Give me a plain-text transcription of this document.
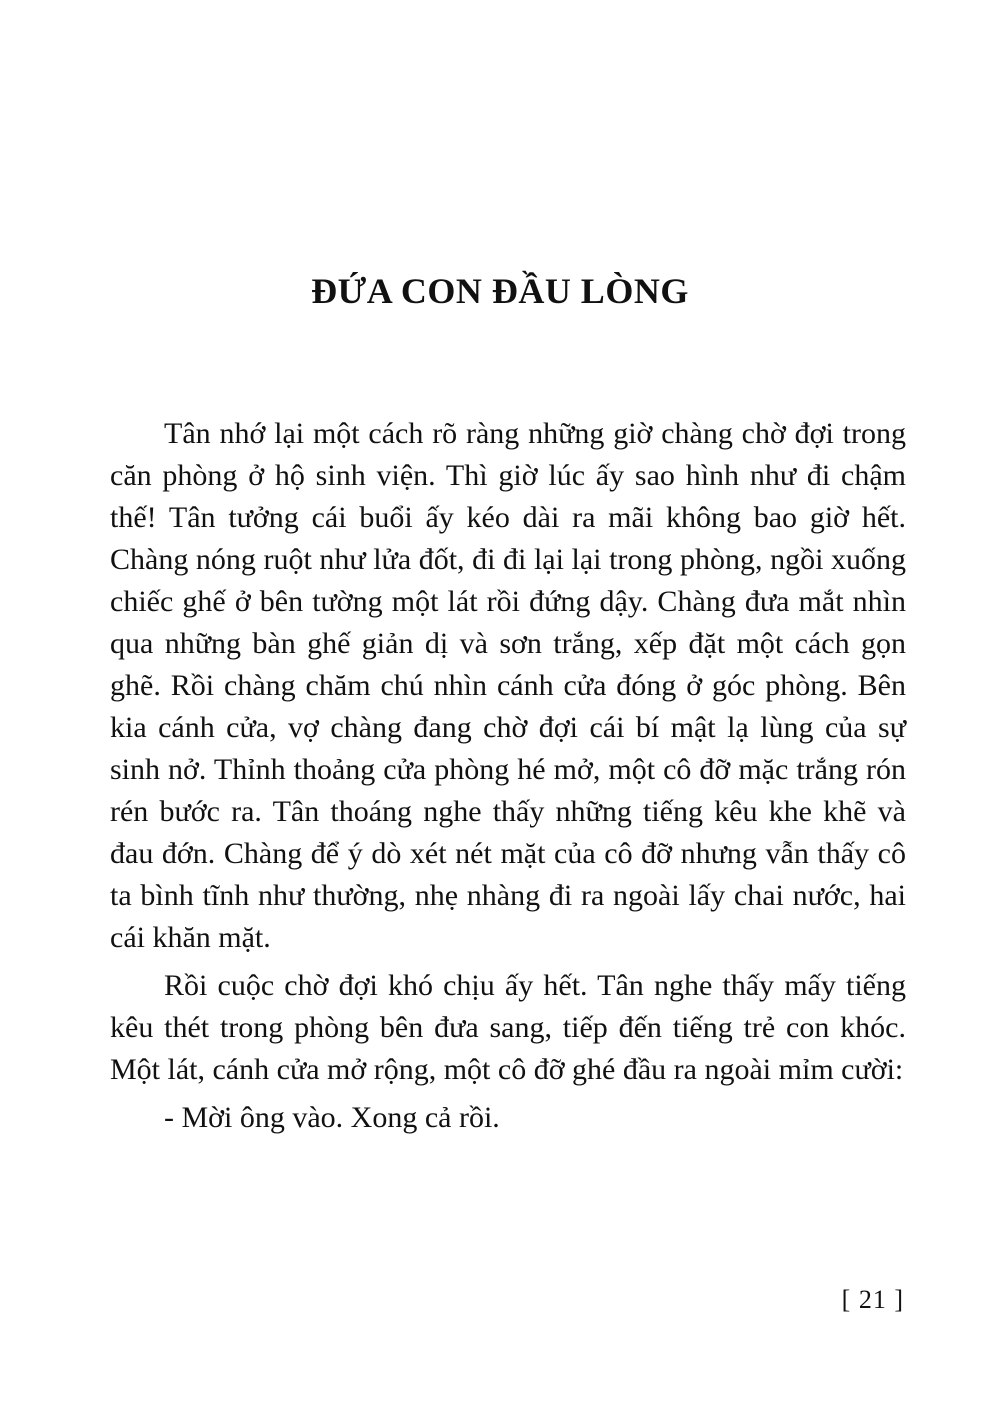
ĐỨA CON ĐẦU LÒNG

Tân nhớ lại một cách rõ ràng những giờ chàng chờ đợi trong căn phòng ở hộ sinh viện. Thì giờ lúc ấy sao hình như đi chậm thế! Tân tưởng cái buổi ấy kéo dài ra mãi không bao giờ hết. Chàng nóng ruột như lửa đốt, đi đi lại lại trong phòng, ngồi xuống chiếc ghế ở bên tường một lát rồi đứng dậy. Chàng đưa mắt nhìn qua những bàn ghế giản dị và sơn trắng, xếp đặt một cách gọn ghẽ. Rồi chàng chăm chú nhìn cánh cửa đóng ở góc phòng. Bên kia cánh cửa, vợ chàng đang chờ đợi cái bí mật lạ lùng của sự sinh nở. Thỉnh thoảng cửa phòng hé mở, một cô đỡ mặc trắng rón rén bước ra. Tân thoáng nghe thấy những tiếng kêu khe khẽ và đau đớn. Chàng để ý dò xét nét mặt của cô đỡ nhưng vẫn thấy cô ta bình tĩnh như thường, nhẹ nhàng đi ra ngoài lấy chai nước, hai cái khăn mặt.

Rồi cuộc chờ đợi khó chịu ấy hết. Tân nghe thấy mấy tiếng kêu thét trong phòng bên đưa sang, tiếp đến tiếng trẻ con khóc. Một lát, cánh cửa mở rộng, một cô đỡ ghé đầu ra ngoài mỉm cười:

- Mời ông vào. Xong cả rồi.

[ 21 ]
